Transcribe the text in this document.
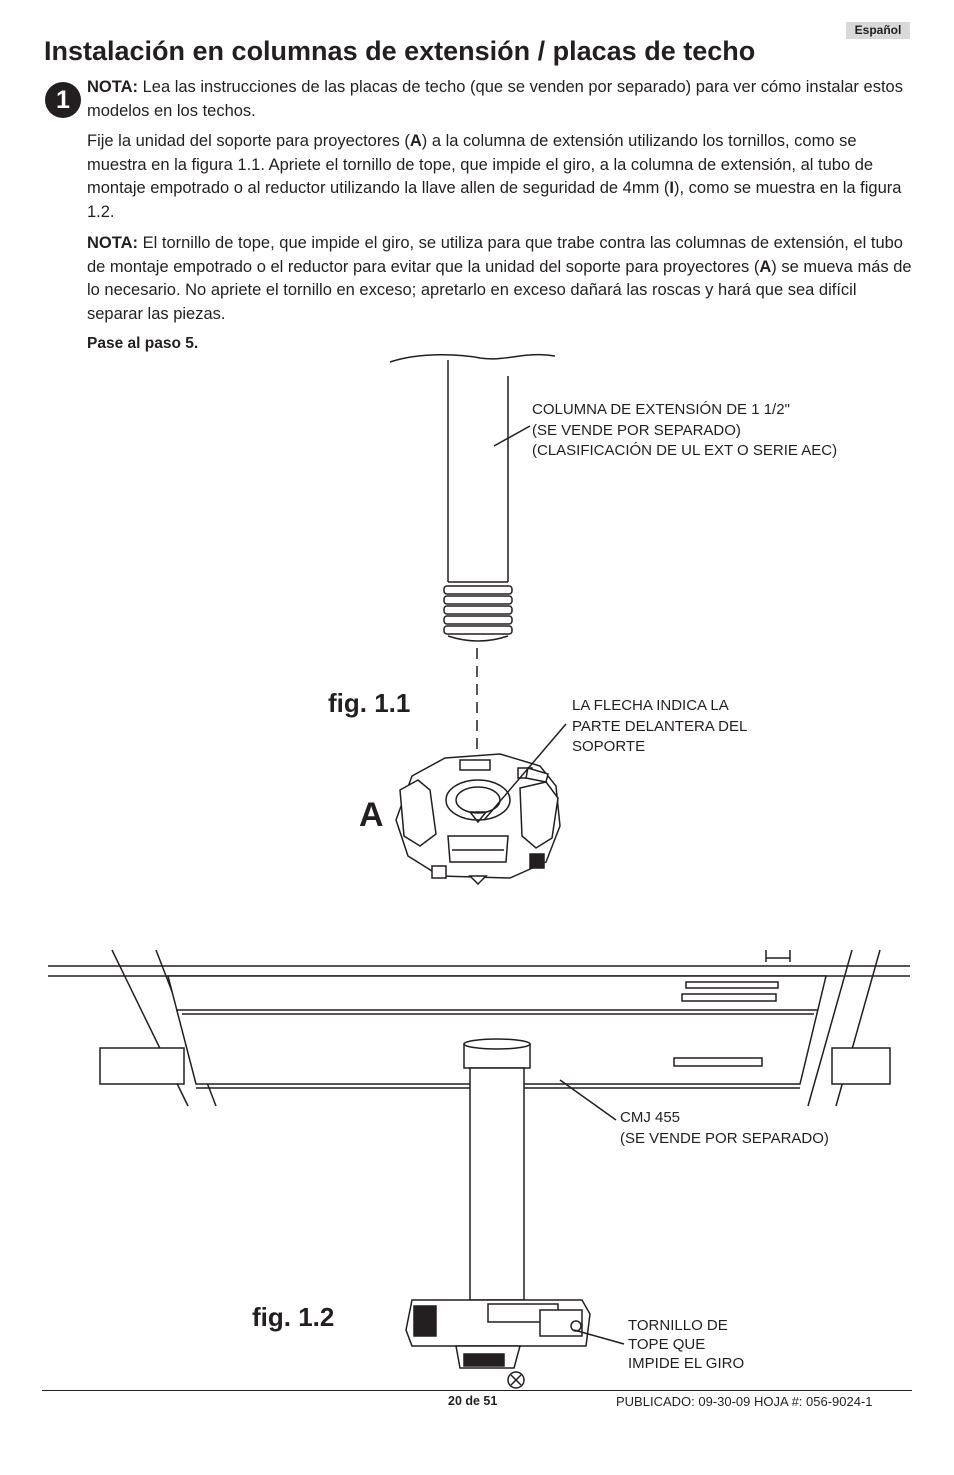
Español
Instalación en columnas de extensión / placas de techo
1	NOTA: Lea las instrucciones de las placas de techo (que se venden por separado) para ver cómo instalar estos modelos en los techos.
Fije la unidad del soporte para proyectores (A) a la columna de extensión utilizando los tornillos, como se muestra en la figura 1.1. Apriete el tornillo de tope, que impide el giro, a la columna de extensión, al tubo de montaje empotrado o al reductor utilizando la llave allen de seguridad de 4mm (I), como se muestra en la figura 1.2.
NOTA: El tornillo de tope, que impide el giro, se utiliza para que trabe contra las columnas de extensión, el tubo de montaje empotrado o el reductor para evitar que la unidad del soporte para proyectores (A) se mueva más de lo necesario. No apriete el tornillo en exceso; apretarlo en exceso dañará las roscas y hará que sea difícil separar las piezas.
Pase al paso 5.
fig. 1.1
A
COLUMNA DE EXTENSIÓN DE 1 1/2"
(SE VENDE POR SEPARADO)
(CLASIFICACIÓN DE UL EXT O SERIE AEC)
LA FLECHA INDICA LA
PARTE DELANTERA DEL
SOPORTE
fig. 1.2
CMJ 455
(SE VENDE POR SEPARADO)
TORNILLO DE
TOPE QUE
IMPIDE EL GIRO
20 de 51	PUBLICADO: 09-30-09 HOJA #: 056-9024-1
